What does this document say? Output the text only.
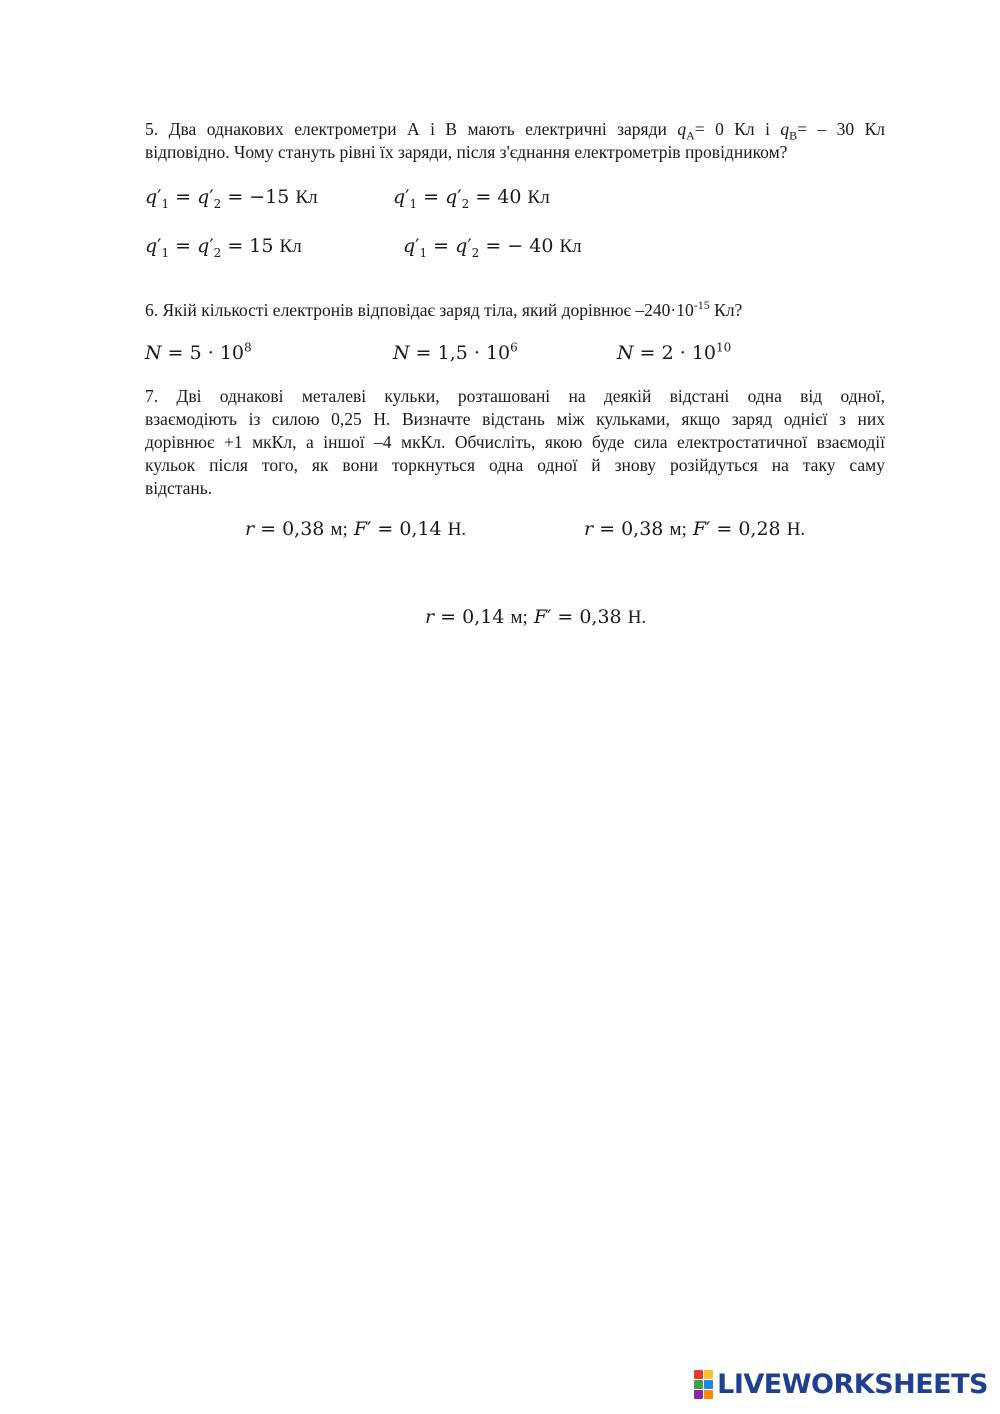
5. Два однакових електрометри А і В мають електричні заряди $q_A= 0$ Кл і $q_B= - 30$ Кл
відповідно. Чому стануть рівні їх заряди, після з'єднання електрометрів провідником?
$q'_1 = q'_2 = -15$ Кл	$q'_1 = q'_2 = 40$ Кл
$q'_1 = q'_2 = 15$ Кл	$q'_1 = q'_2$ = − 40 Кл
6. Якій кількості електронів відповідає заряд тіла, який дорівнює $-240\cdot 10^{-15}$ Кл?
$N = 5 \cdot 10^8$	$N = 1,5 \cdot 10^6$	$N = 2 \cdot 10^{10}$
7. Дві однакові металеві кульки, розташовані на деякій відстані одна від одної,
взаємодіють із силою 0,25 Н. Визначте відстань між кульками, якщо заряд однієї з них
дорівнює +1 мкКл, а іншої –4 мкКл. Обчисліть, якою буде сила електростатичної взаємодії
кульок після того, як вони торкнуться одна одної й знову розійдуться на таку саму
відстань.
r = 0,38 м; F′ = 0,14 Н.	r = 0,38 м; F′ = 0,28 Н.
r = 0,14 м; F′ = 0,38 Н.
LIVEWORKSHEETS
